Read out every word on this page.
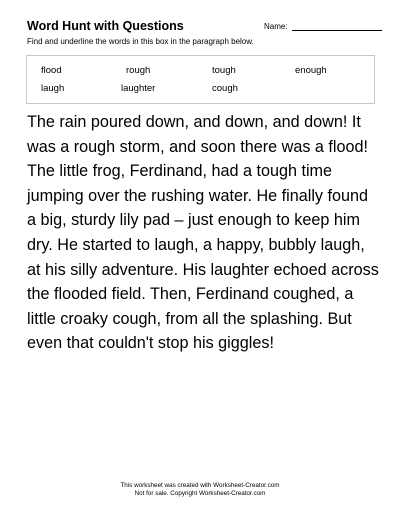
Word Hunt with Questions	Name:
Find and underline the words in this box in the paragraph below.
flood	rough	tough	enough
laugh	laughter	cough
The rain poured down, and down, and down! It
was a rough storm, and soon there was a flood!
The little frog, Ferdinand, had a tough time
jumping over the rushing water. He finally found
a big, sturdy lily pad – just enough to keep him
dry. He started to laugh, a happy, bubbly laugh,
at his silly adventure. His laughter echoed across
the flooded field. Then, Ferdinand coughed, a
little croaky cough, from all the splashing. But
even that couldn't stop his giggles!
This worksheet was created with Worksheet-Creator.com
Not for sale. Copyright Worksheet-Creator.com
